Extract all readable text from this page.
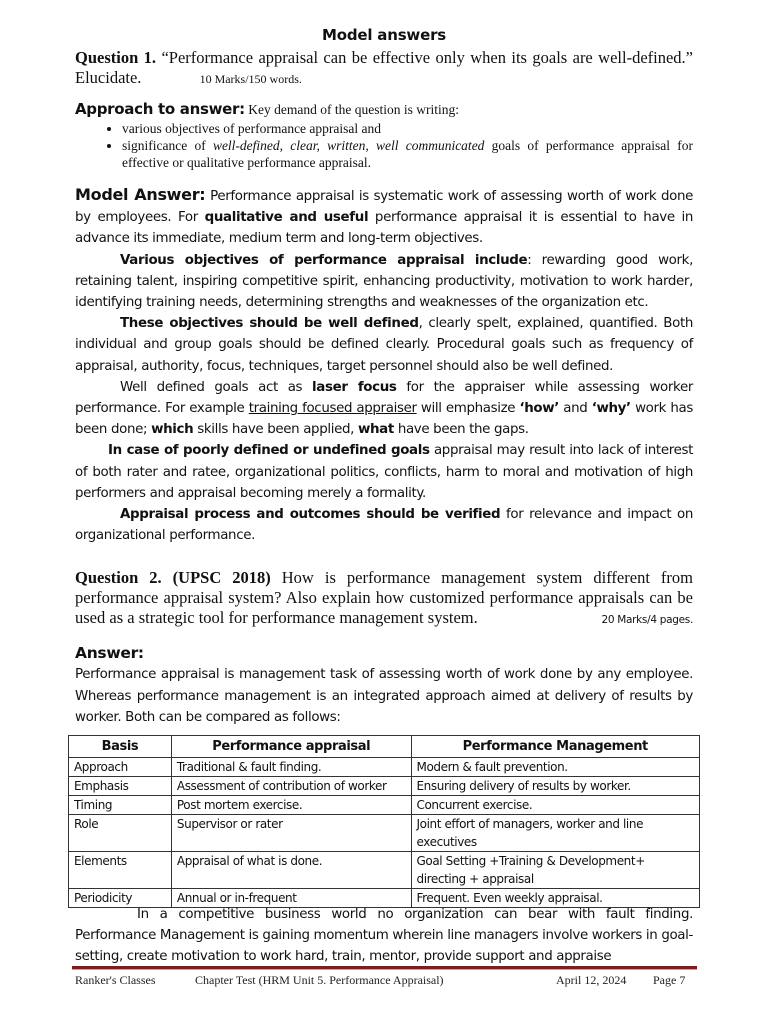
Model answers

Question 1. “Performance appraisal can be effective only when its goals are well-defined.” Elucidate.	10 Marks/150 words.

Approach to answer: Key demand of the question is writing:
• various objectives of performance appraisal and
• significance of well-defined, clear, written, well communicated goals of performance appraisal for effective or qualitative performance appraisal.

Model Answer: Performance appraisal is systematic work of assessing worth of work done by employees. For qualitative and useful performance appraisal it is essential to have in advance its immediate, medium term and long-term objectives.

Various objectives of performance appraisal include: rewarding good work, retaining talent, inspiring competitive spirit, enhancing productivity, motivation to work harder, identifying training needs, determining strengths and weaknesses of the organization etc.

These objectives should be well defined, clearly spelt, explained, quantified. Both individual and group goals should be defined clearly. Procedural goals such as frequency of appraisal, authority, focus, techniques, target personnel should also be well defined.

Well defined goals act as laser focus for the appraiser while assessing worker performance. For example training focused appraiser will emphasize ‘how’ and ‘why’ work has been done; which skills have been applied, what have been the gaps.

In case of poorly defined or undefined goals appraisal may result into lack of interest of both rater and ratee, organizational politics, conflicts, harm to moral and motivation of high performers and appraisal becoming merely a formality.

Appraisal process and outcomes should be verified for relevance and impact on organizational performance.

Question 2. (UPSC 2018) How is performance management system different from performance appraisal system? Also explain how customized performance appraisals can be used as a strategic tool for performance management system.	20 Marks/4 pages.

Answer:

Performance appraisal is management task of assessing worth of work done by any employee. Whereas performance management is an integrated approach aimed at delivery of results by worker. Both can be compared as follows:

Basis	Performance appraisal	Performance Management
Approach	Traditional & fault finding.	Modern & fault prevention.
Emphasis	Assessment of contribution of worker	Ensuring delivery of results by worker.
Timing	Post mortem exercise.	Concurrent exercise.
Role	Supervisor or rater	Joint effort of managers, worker and line executives
Elements	Appraisal of what is done.	Goal Setting +Training & Development+ directing + appraisal
Periodicity	Annual or in-frequent	Frequent. Even weekly appraisal.

In a competitive business world no organization can bear with fault finding. Performance Management is gaining momentum wherein line managers involve workers in goal-setting, create motivation to work hard, train, mentor, provide support and appraise

Ranker's Classes	Chapter Test (HRM Unit 5. Performance Appraisal)	April 12, 2024 Page 7
